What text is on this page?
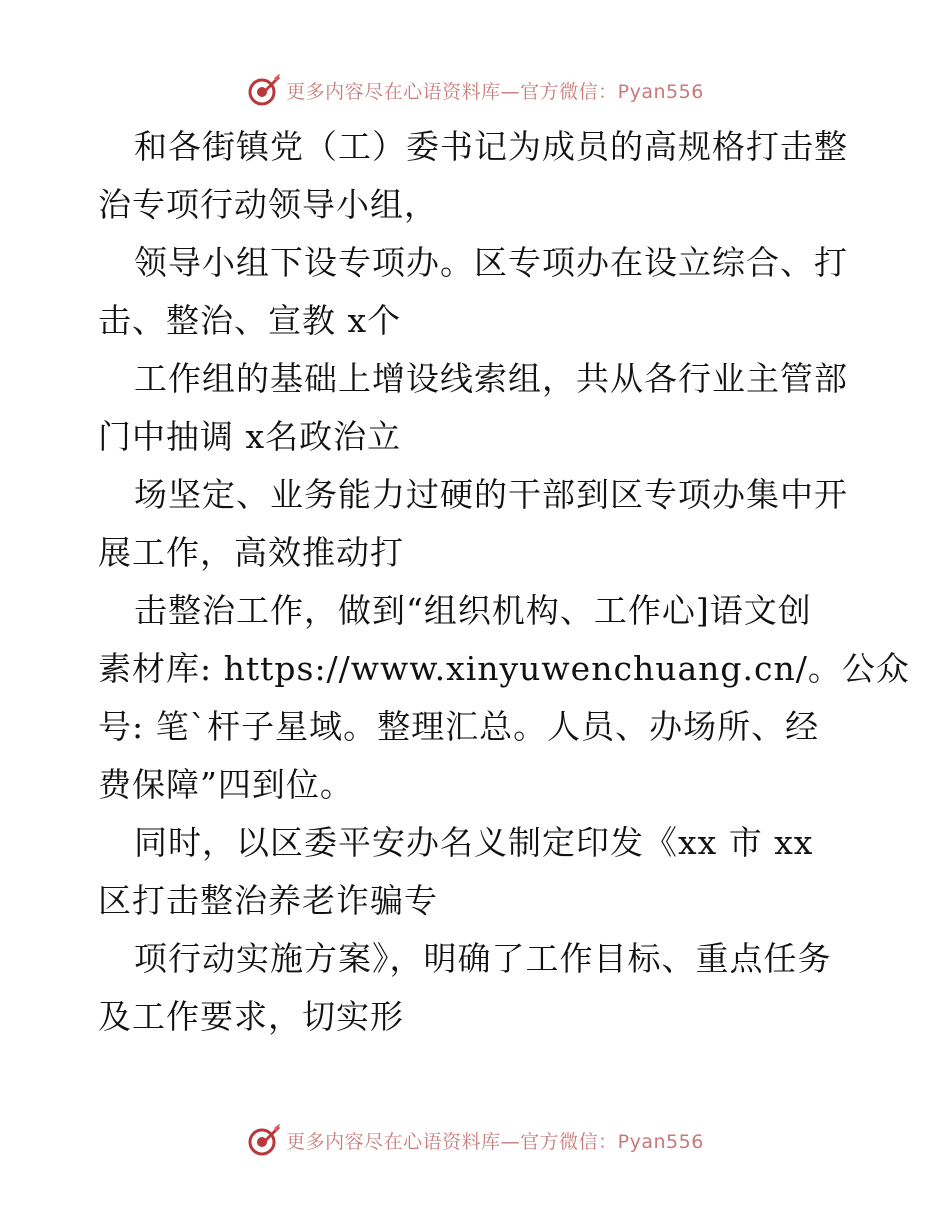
更多内容尽在心语资料库—官方微信：Pyan556
和各街镇党（工）委书记为成员的高规格打击整
治专项行动领导小组，
领导小组下设专项办。区专项办在设立综合、打
击、整治、宣教 x个
工作组的基础上增设线索组，共从各行业主管部
门中抽调 x名政治立
场坚定、业务能力过硬的干部到区专项办集中开
展工作，高效推动打
击整治工作，做到“组织机构、工作心]语文创
素材库: https://www.xinyuwenchuang.cn/。公众
号: 笔`杆子星域。整理汇总。人员、办场所、经
费保障”四到位。
同时，以区委平安办名义制定印发《xx 市 xx
区打击整治养老诈骗专
项行动实施方案》，明确了工作目标、重点任务
及工作要求，切实形
更多内容尽在心语资料库—官方微信：Pyan556
